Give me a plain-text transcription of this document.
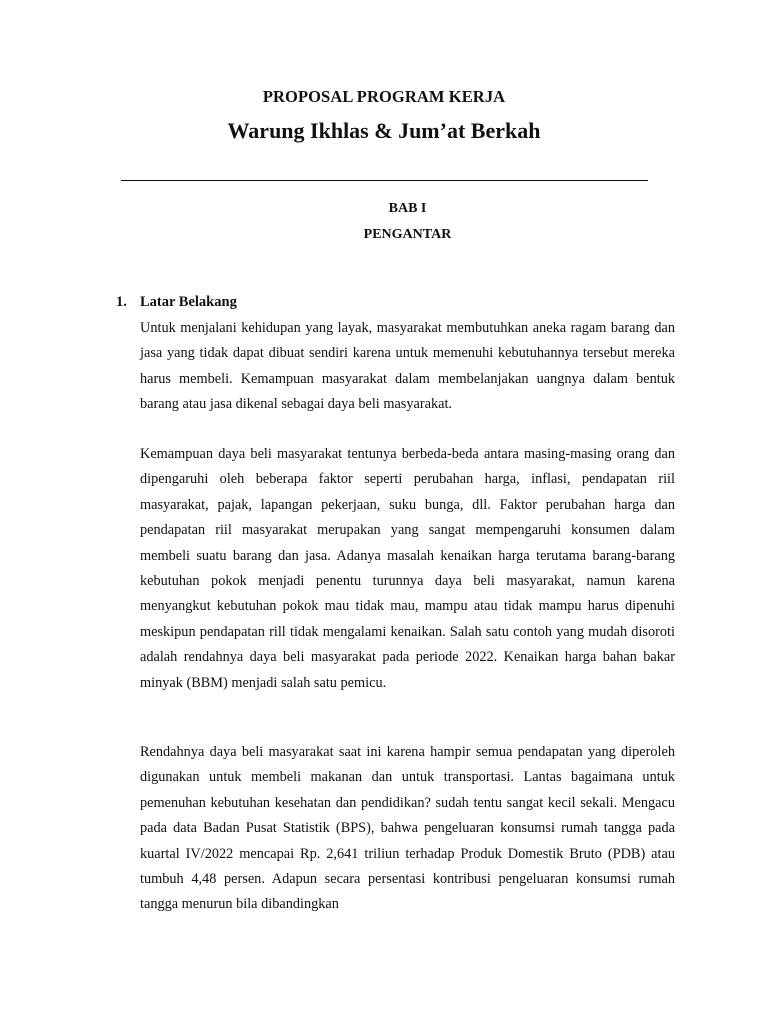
PROPOSAL PROGRAM KERJA
Warung Ikhlas & Jum’at Berkah
BAB I
PENGANTAR
1. Latar Belakang

Untuk menjalani kehidupan yang layak, masyarakat membutuhkan aneka ragam barang dan jasa yang tidak dapat dibuat sendiri karena untuk memenuhi kebutuhannya tersebut mereka harus membeli. Kemampuan masyarakat dalam membelanjakan uangnya dalam bentuk barang atau jasa dikenal sebagai daya beli masyarakat.

Kemampuan daya beli masyarakat tentunya berbeda-beda antara masing-masing orang dan dipengaruhi oleh beberapa faktor seperti perubahan harga, inflasi, pendapatan riil masyarakat, pajak, lapangan pekerjaan, suku bunga, dll. Faktor perubahan harga dan pendapatan riil masyarakat merupakan yang sangat mempengaruhi konsumen dalam membeli suatu barang dan jasa. Adanya masalah kenaikan harga terutama barang-barang kebutuhan pokok menjadi penentu turunnya daya beli masyarakat, namun karena menyangkut kebutuhan pokok mau tidak mau, mampu atau tidak mampu harus dipenuhi meskipun pendapatan rill tidak mengalami kenaikan. Salah satu contoh yang mudah disoroti adalah rendahnya daya beli masyarakat pada periode 2022. Kenaikan harga bahan bakar minyak (BBM) menjadi salah satu pemicu.

Rendahnya daya beli masyarakat saat ini karena hampir semua pendapatan yang diperoleh digunakan untuk membeli makanan dan untuk transportasi. Lantas bagaimana untuk pemenuhan kebutuhan kesehatan dan pendidikan? sudah tentu sangat kecil sekali. Mengacu pada data Badan Pusat Statistik (BPS), bahwa pengeluaran konsumsi rumah tangga pada kuartal IV/2022 mencapai Rp. 2,641 triliun terhadap Produk Domestik Bruto (PDB) atau tumbuh 4,48 persen. Adapun secara persentasi kontribusi pengeluaran konsumsi rumah tangga menurun bila dibandingkan
